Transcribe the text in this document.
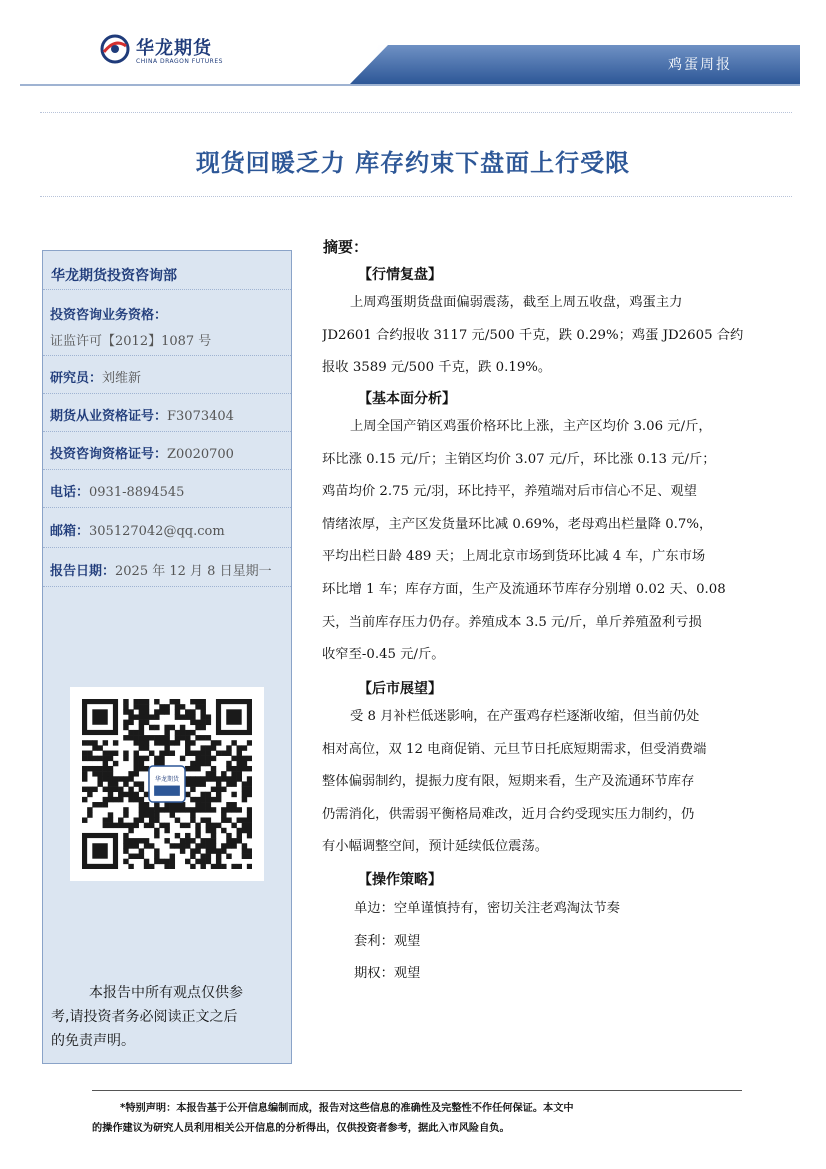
华龙期货
CHINA DRAGON FUTURES	鸡蛋周报
现货回暖乏力 库存约束下盘面上行受限
华龙期货投资咨询部
投资咨询业务资格：
证监许可【2012】1087 号
研究员：刘维新
期货从业资格证号：F3073404
投资咨询资格证号：Z0020700
电话：0931-8894545
邮箱：305127042@qq.com
报告日期：2025 年 12 月 8 日星期一
华龙期货
本报告中所有观点仅供参
考,请投资者务必阅读正文之后
的免责声明。
摘要：
【行情复盘】
上周鸡蛋期货盘面偏弱震荡，截至上周五收盘，鸡蛋主力
JD2601 合约报收 3117 元/500 千克，跌 0.29%；鸡蛋 JD2605 合约
报收 3589 元/500 千克，跌 0.19%。
【基本面分析】
上周全国产销区鸡蛋价格环比上涨，主产区均价 3.06 元/斤，
环比涨 0.15 元/斤；主销区均价 3.07 元/斤，环比涨 0.13 元/斤；
鸡苗均价 2.75 元/羽，环比持平，养殖端对后市信心不足、观望
情绪浓厚，主产区发货量环比减 0.69%，老母鸡出栏量降 0.7%，
平均出栏日龄 489 天；上周北京市场到货环比减 4 车，广东市场
环比增 1 车；库存方面，生产及流通环节库存分别增 0.02 天、0.08
天，当前库存压力仍存。养殖成本 3.5 元/斤，单斤养殖盈利亏损
收窄至-0.45 元/斤。
【后市展望】
受 8 月补栏低迷影响，在产蛋鸡存栏逐渐收缩，但当前仍处
相对高位，双 12 电商促销、元旦节日托底短期需求，但受消费端
整体偏弱制约，提振力度有限，短期来看，生产及流通环节库存
仍需消化，供需弱平衡格局难改，近月合约受现实压力制约，仍
有小幅调整空间，预计延续低位震荡。
【操作策略】
单边：空单谨慎持有，密切关注老鸡淘汰节奏
套利：观望
期权：观望
*特别声明：本报告基于公开信息编制而成，报告对这些信息的准确性及完整性不作任何保证。本文中
的操作建议为研究人员利用相关公开信息的分析得出，仅供投资者参考，据此入市风险自负。
